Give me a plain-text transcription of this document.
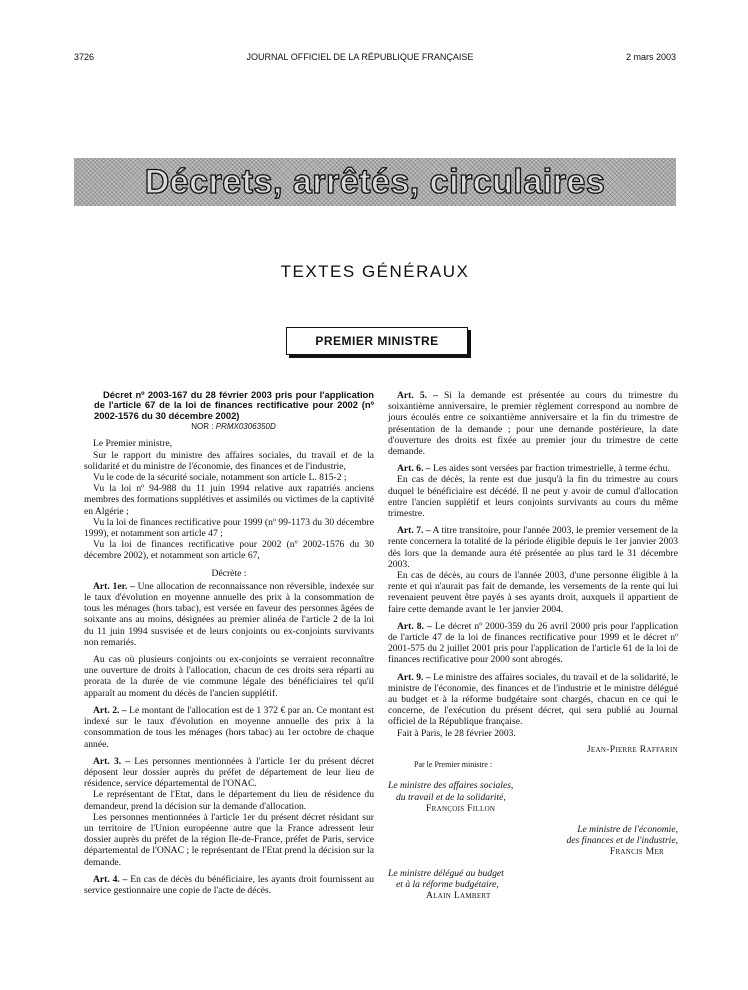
3726	JOURNAL OFFICIEL DE LA RÉPUBLIQUE FRANÇAISE	2 mars 2003
Décrets, arrêtés, circulaires
TEXTES GÉNÉRAUX
PREMIER MINISTRE

Décret nº 2003-167 du 28 février 2003 pris pour l'application de l'article 67 de la loi de finances rectificative pour 2002 (nº 2002-1576 du 30 décembre 2002)

NOR : PRMX0306350D

Le Premier ministre,

Sur le rapport du ministre des affaires sociales, du travail et de la solidarité et du ministre de l'économie, des finances et de l'industrie,

Vu le code de la sécurité sociale, notamment son article L. 815-2 ;

Vu la loi nº 94-988 du 11 juin 1994 relative aux rapatriés anciens membres des formations supplétives et assimilés ou victimes de la captivité en Algérie ;

Vu la loi de finances rectificative pour 1999 (nº 99-1173 du 30 décembre 1999), et notamment son article 47 ;

Vu la loi de finances rectificative pour 2002 (nº 2002-1576 du 30 décembre 2002), et notamment son article 67,

Décrète :

Art. 1er. – Une allocation de reconnaissance non réversible, indexée sur le taux d'évolution en moyenne annuelle des prix à la consommation de tous les ménages (hors tabac), est versée en faveur des personnes âgées de soixante ans au moins, désignées au premier alinéa de l'article 2 de la loi du 11 juin 1994 susvisée et de leurs conjoints ou ex-conjoints survivants non remariés.

Au cas où plusieurs conjoints ou ex-conjoints se verraient reconnaître une ouverture de droits à l'allocation, chacun de ces droits sera réparti au prorata de la durée de vie commune légale des bénéficiaires tel qu'il apparaît au moment du décès de l'ancien supplétif.

Art. 2. – Le montant de l'allocation est de 1 372 € par an. Ce montant est indexé sur le taux d'évolution en moyenne annuelle des prix à la consommation de tous les ménages (hors tabac) au 1er octobre de chaque année.

Art. 3. – Les personnes mentionnées à l'article 1er du présent décret déposent leur dossier auprès du préfet de département de leur lieu de résidence, service départemental de l'ONAC.

Le représentant de l'Etat, dans le département du lieu de résidence du demandeur, prend la décision sur la demande d'allocation.

Les personnes mentionnées à l'article 1er du présent décret résidant sur un territoire de l'Union européenne autre que la France adressent leur dossier auprès du préfet de la région Ile-de-France, préfet de Paris, service départemental de l'ONAC ; le représentant de l'Etat prend la décision sur la demande.

Art. 4. – En cas de décès du bénéficiaire, les ayants droit fournissent au service gestionnaire une copie de l'acte de décès.

Art. 5. – Si la demande est présentée au cours du trimestre du soixantième anniversaire, le premier règlement correspond au nombre de jours écoulés entre ce soixantième anniversaire et la fin du trimestre de présentation de la demande ; pour une demande postérieure, la date d'ouverture des droits est fixée au premier jour du trimestre de cette demande.

Art. 6. – Les aides sont versées par fraction trimestrielle, à terme échu.

En cas de décès, la rente est due jusqu'à la fin du trimestre au cours duquel le bénéficiaire est décédé. Il ne peut y avoir de cumul d'allocation entre l'ancien supplétif et leurs conjoints survivants au cours du même trimestre.

Art. 7. – A titre transitoire, pour l'année 2003, le premier versement de la rente concernera la totalité de la période éligible depuis le 1er janvier 2003 dès lors que la demande aura été présentée au plus tard le 31 décembre 2003.

En cas de décès, au cours de l'année 2003, d'une personne éligible à la rente et qui n'aurait pas fait de demande, les versements de la rente qui lui revenaient peuvent être payés à ses ayants droit, auxquels il appartient de faire cette demande avant le 1er janvier 2004.

Art. 8. – Le décret nº 2000-359 du 26 avril 2000 pris pour l'application de l'article 47 de la loi de finances rectificative pour 1999 et le décret nº 2001-575 du 2 juillet 2001 pris pour l'application de l'article 61 de la loi de finances rectificative pour 2000 sont abrogés.

Art. 9. – Le ministre des affaires sociales, du travail et de la solidarité, le ministre de l'économie, des finances et de l'industrie et le ministre délégué au budget et à la réforme budgétaire sont chargés, chacun en ce qui le concerne, de l'exécution du présent décret, qui sera publié au Journal officiel de la République française.

Fait à Paris, le 28 février 2003.

Jean-Pierre Raffarin
Par le Premier ministre :
Le ministre des affaires sociales,
du travail et de la solidarité,
François Fillon
Le ministre de l'économie,
des finances et de l'industrie,
Francis Mer
Le ministre délégué au budget
et à la réforme budgétaire,
Alain Lambert
